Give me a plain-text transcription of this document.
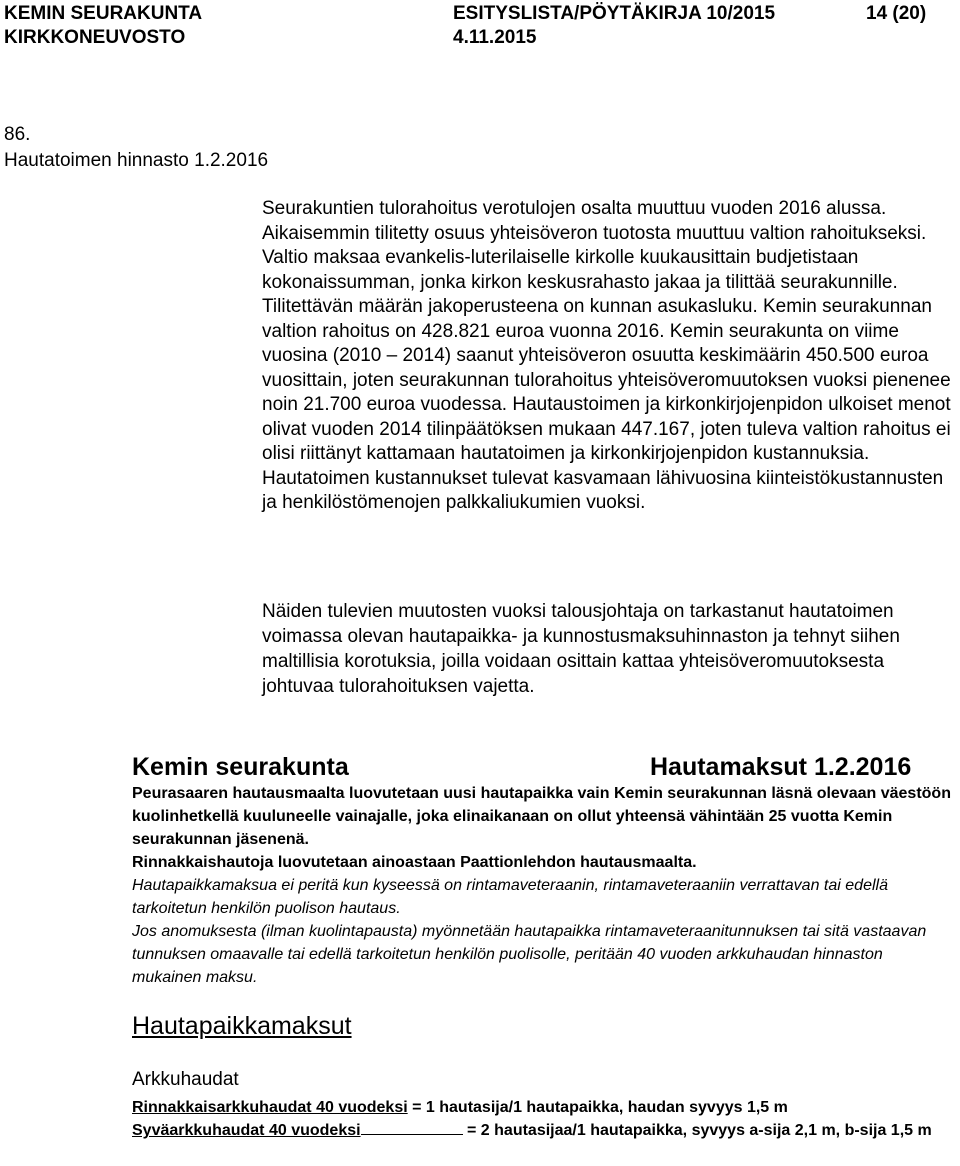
KEMIN SEURAKUNTA
KIRKKONEUVOSTO
ESITYSLISTA/PÖYTÄKIRJA 10/2015
4.11.2015
14 (20)
86.
Hautatoimen hinnasto 1.2.2016

Seurakuntien tulorahoitus verotulojen osalta muuttuu vuoden 2016 alussa. Aikaisemmin tilitetty osuus yhteisöveron tuotosta muuttuu valtion rahoitukseksi. Valtio maksaa evankelis-luterilaiselle kirkolle kuukausittain budjetistaan kokonaissumman, jonka kirkon keskusrahasto jakaa ja tilittää seurakunnille. Tilitettävän määrän jakoperusteena on kunnan asukasluku. Kemin seurakunnan valtion rahoitus on 428.821 euroa vuonna 2016. Kemin seurakunta on viime vuosina (2010 ‒ 2014) saanut yhteisöveron osuutta keskimäärin 450.500 euroa vuosittain, joten seurakunnan tulorahoitus yhteisöveromuutoksen vuoksi pienenee noin 21.700 euroa vuodessa. Hautaustoimen ja kirkonkirjojenpidon ulkoiset menot olivat vuoden 2014 tilinpäätöksen mukaan 447.167, joten tuleva valtion rahoitus ei olisi riittänyt kattamaan hautatoimen ja kirkonkirjojenpidon kustannuksia. Hautatoimen kustannukset tulevat kasvamaan lähivuosina kiinteistökustannusten ja henkilöstömenojen palkkaliukumien vuoksi.

Näiden tulevien muutosten vuoksi talousjohtaja on tarkastanut hautatoimen voimassa olevan hautapaikka- ja kunnostusmaksuhinnaston ja tehnyt siihen maltillisia korotuksia, joilla voidaan osittain kattaa yhteisöveromuutoksesta johtuvaa tulorahoituksen vajetta.

Kemin seurakunta	Hautamaksut 1.2.2016

Peurasaaren hautausmaalta luovutetaan uusi hautapaikka vain Kemin seurakunnan läsnä olevaan väestöön kuolinhetkellä kuuluneelle vainajalle, joka elinaikanaan on ollut yhteensä vähintään 25 vuotta Kemin seurakunnan jäsenenä.

Rinnakkaishautoja luovutetaan ainoastaan Paattionlehdon hautausmaalta.

Hautapaikkamaksua ei peritä kun kyseessä on rintamaveteraanin, rintamaveteraaniin verrattavan tai edellä tarkoitetun henkilön puolison hautaus.

Jos anomuksesta (ilman kuolintapausta) myönnetään hautapaikka rintamaveteraanitunnuksen tai sitä vastaavan tunnuksen omaavalle tai edellä tarkoitetun henkilön puolisolle, peritään 40 vuoden arkkuhaudan hinnaston mukainen maksu.

Hautapaikkamaksut
Arkkuhaudat
Rinnakkaisarkkuhaudat 40 vuodeksi = 1 hautasija/1 hautapaikka, haudan syvyys 1,5 m
Syväarkkuhaudat 40 vuodeksi	= 2 hautasijaa/1 hautapaikka, syvyys a-sija 2,1 m, b-sija 1,5 m
